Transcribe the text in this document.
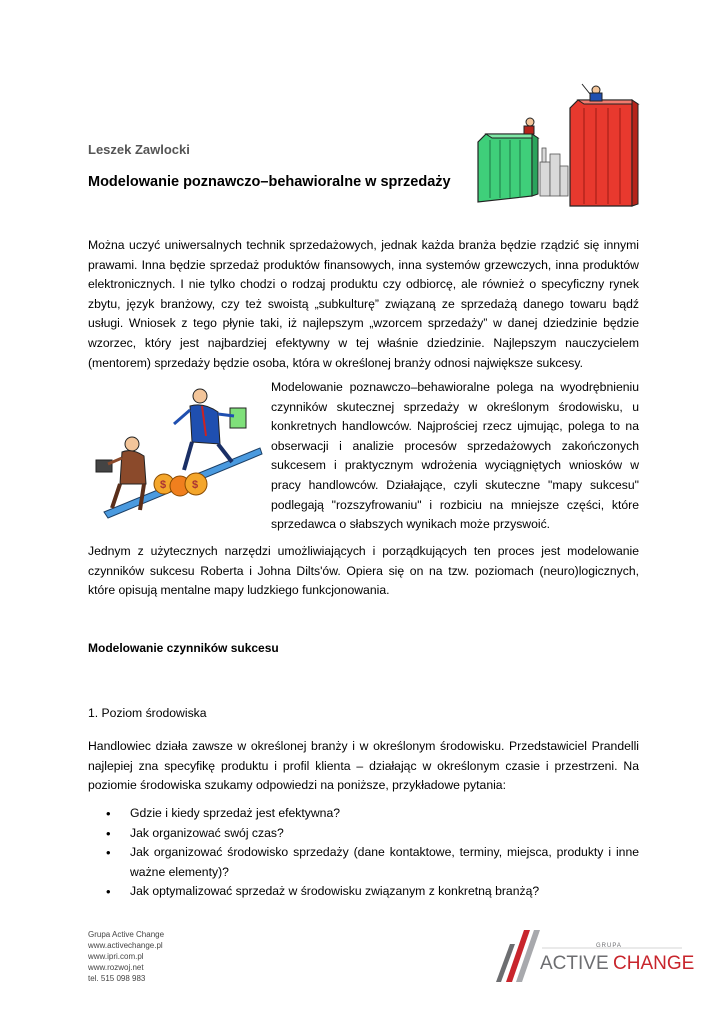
Leszek Zawlocki
Modelowanie poznawczo–behawioralne w sprzedaży

Można uczyć uniwersalnych technik sprzedażowych, jednak każda branża będzie rządzić się innymi prawami. Inna będzie sprzedaż produktów finansowych, inna systemów grzewczych, inna produktów elektronicznych. I nie tylko chodzi o rodzaj produktu czy odbiorcę, ale również o specyficzny rynek zbytu, język branżowy, czy też swoistą „subkulturę” związaną ze sprzedażą danego towaru bądź usługi. Wniosek z tego płynie taki, iż najlepszym „wzorcem sprzedaży” w danej dziedzinie będzie wzorzec, który jest najbardziej efektywny w tej właśnie dziedzinie. Najlepszym nauczycielem (mentorem) sprzedaży będzie osoba, która w określonej branży odnosi największe sukcesy.

$ $

Modelowanie poznawczo–behawioralne polega na wyodrębnieniu czynników skutecznej sprzedaży w określonym środowisku, u konkretnych handlowców. Najprościej rzecz ujmując, polega to na obserwacji i analizie procesów sprzedażowych zakończonych sukcesem i praktycznym wdrożenia wyciągniętych wniosków w pracy handlowców. Działające, czyli skuteczne "mapy sukcesu" podlegają "rozszyfrowaniu" i rozbiciu na mniejsze części, które sprzedawca o słabszych wynikach może przyswoić.

Jednym z użytecznych narzędzi umożliwiających i porządkujących ten proces jest modelowanie czynników sukcesu Roberta i Johna Dilts'ów. Opiera się on na tzw. poziomach (neuro)logicznych, które opisują mentalne mapy ludzkiego funkcjonowania.

Modelowanie czynników sukcesu
1. Poziom środowiska

Handlowiec działa zawsze w określonej branży i w określonym środowisku. Przedstawiciel Prandelli najlepiej zna specyfikę produktu i profil klienta – działając w określonym czasie i przestrzeni. Na poziomie środowiska szukamy odpowiedzi na poniższe, przykładowe pytania:

• Gdzie i kiedy sprzedaż jest efektywna?
• Jak organizować swój czas?
• Jak organizować środowisko sprzedaży (dane kontaktowe, terminy, miejsca, produkty i inne ważne elementy)?
• Jak optymalizować sprzedaż w środowisku związanym z konkretną branżą?
Grupa Active Change
www.activechange.pl
www.ipri.com.pl
www.rozwoj.net
tel. 515 098 983
GRUPA
ACTIVE CHANGE
